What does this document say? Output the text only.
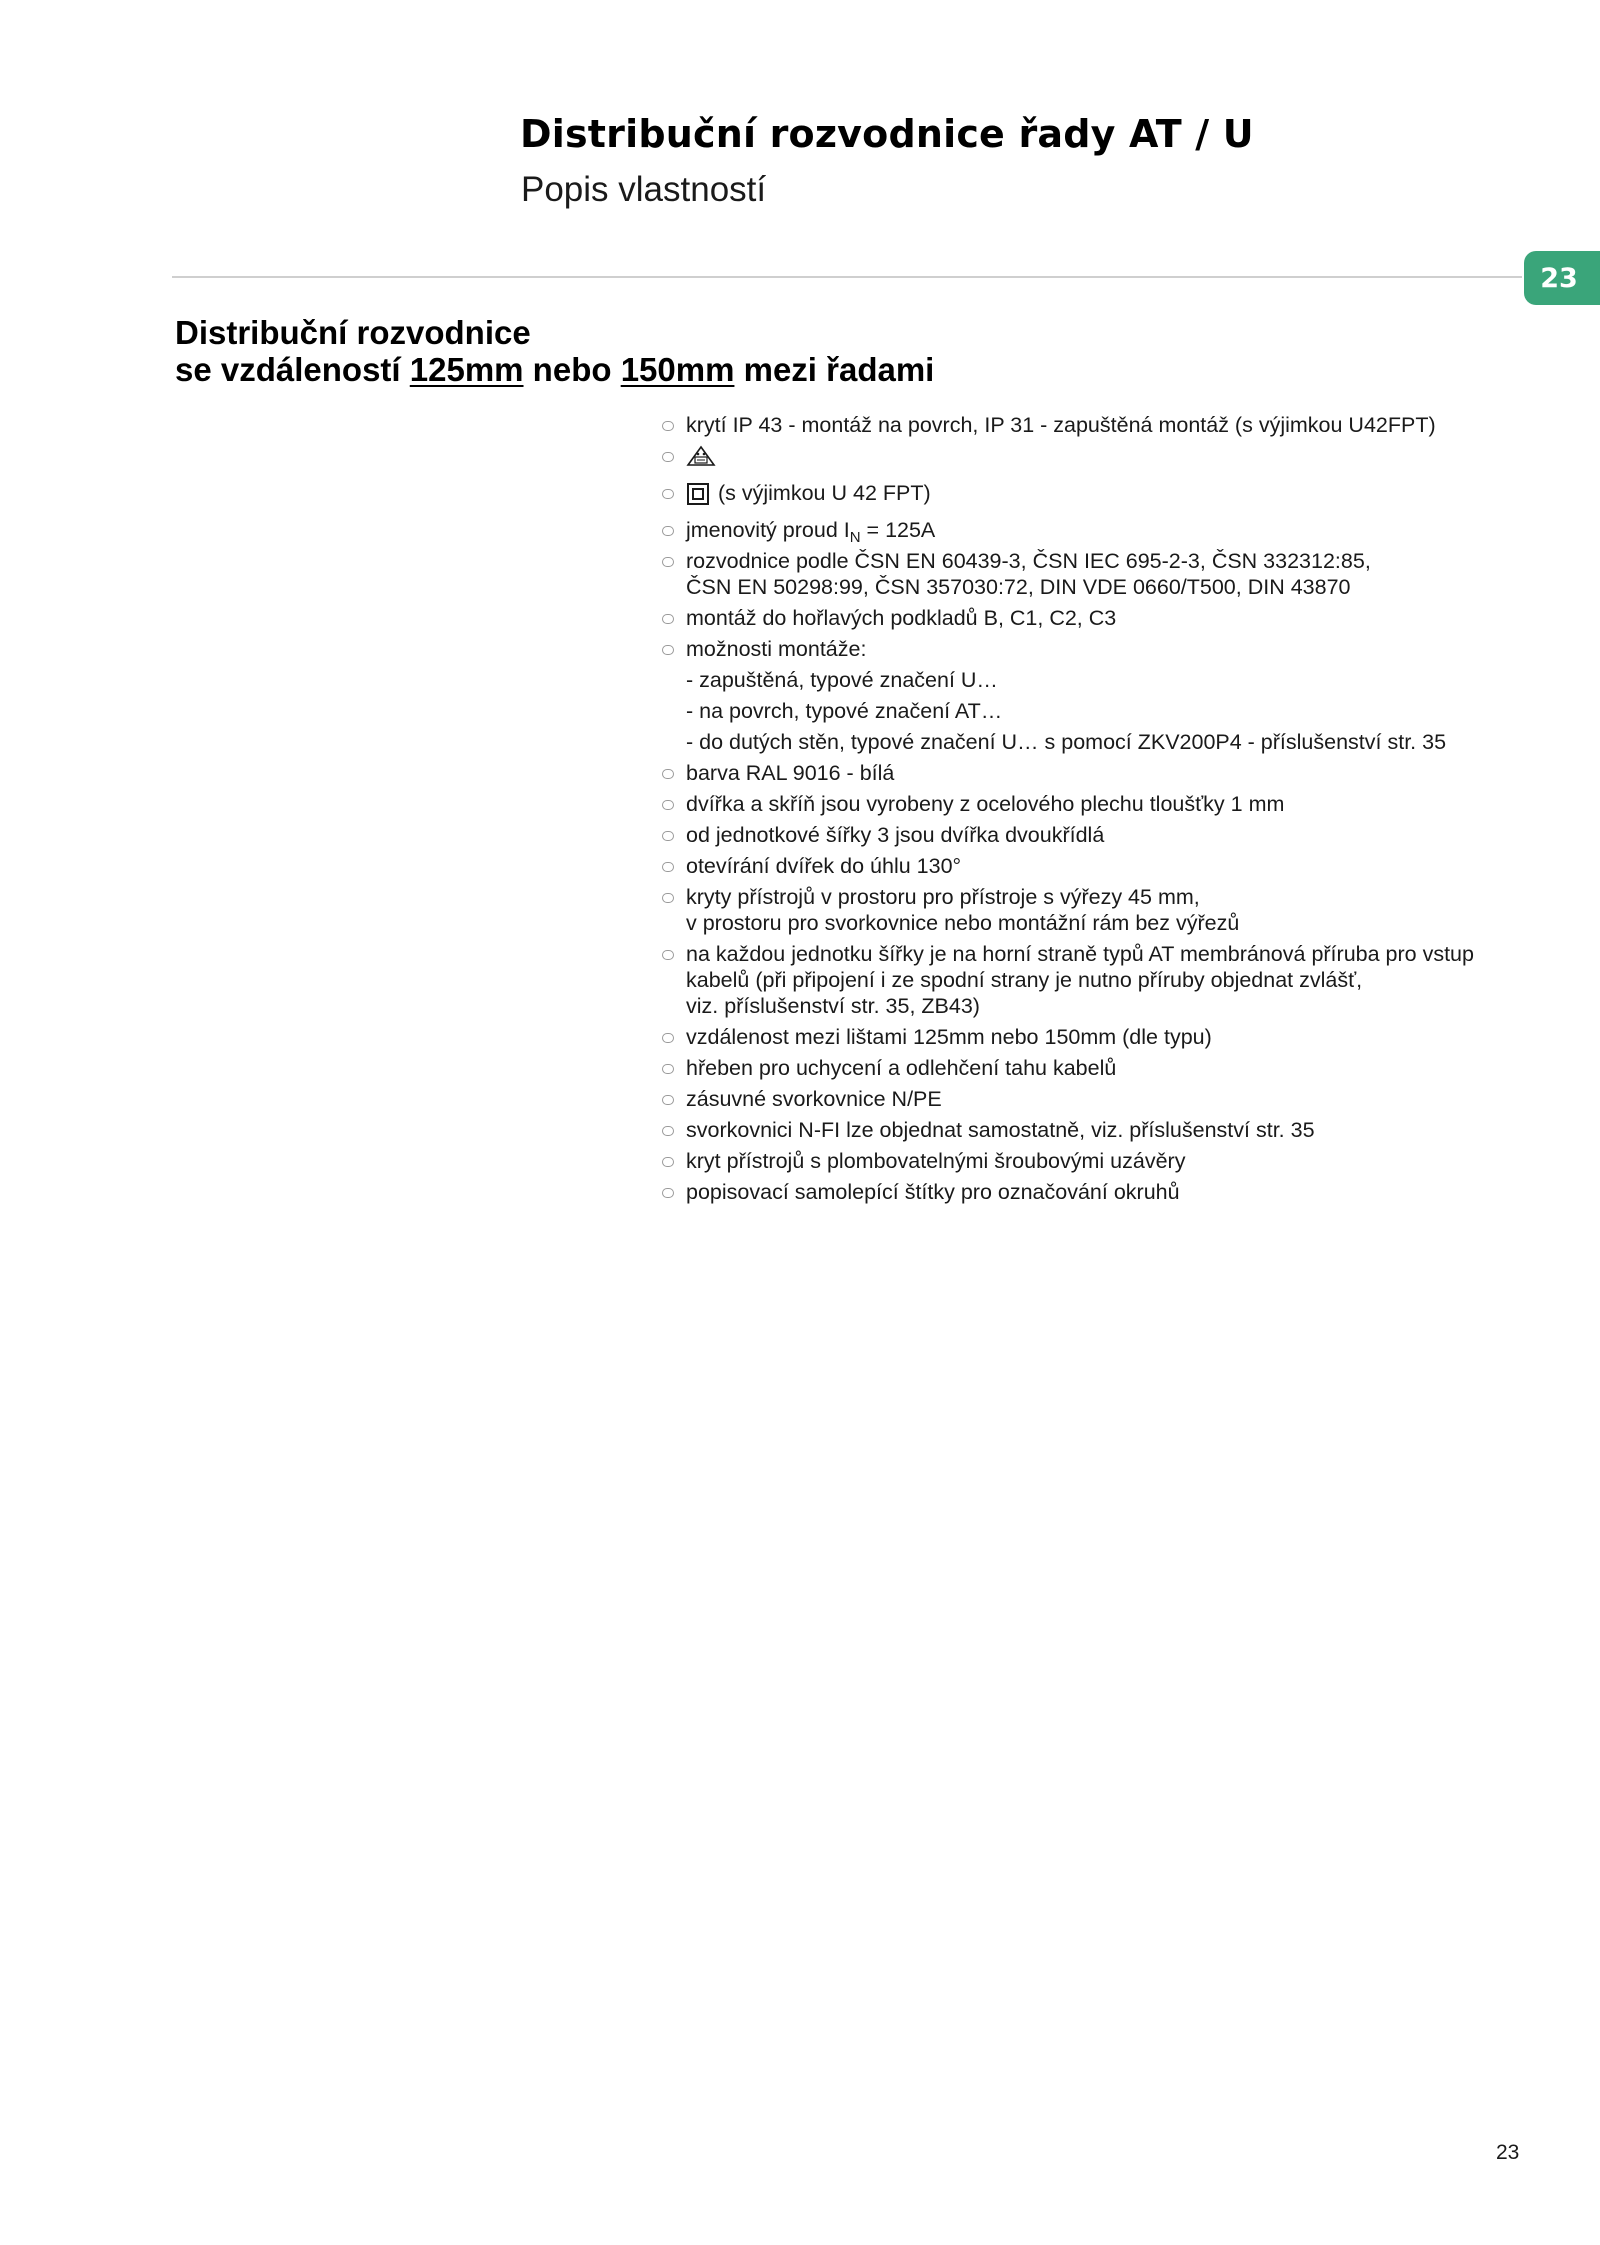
Distribuční rozvodnice řady AT / U
Popis vlastností
23
Distribuční rozvodnice
se vzdáleností 125mm nebo 150mm mezi řadami
krytí IP 43 - montáž na povrch, IP 31 - zapuštěná montáž (s výjimkou U42FPT)
(s výjimkou U 42 FPT)
jmenovitý proud $I_N = 125A$
rozvodnice podle ČSN EN 60439-3, ČSN IEC 695-2-3, ČSN 332312:85,
ČSN EN 50298:99, ČSN 357030:72, DIN VDE 0660/T500, DIN 43870
montáž do hořlavých podkladů B, C1, C2, C3
možnosti montáže:
- zapuštěná, typové značení U…
- na povrch, typové značení AT…
- do dutých stěn, typové značení U… s pomocí ZKV200P4 - příslušenství str. 35
barva RAL 9016 - bílá
dvířka a skříň jsou vyrobeny z ocelového plechu tloušťky 1 mm
od jednotkové šířky 3 jsou dvířka dvoukřídlá
otevírání dvířek do úhlu 130°
kryty přístrojů v prostoru pro přístroje s výřezy 45 mm,
v prostoru pro svorkovnice nebo montážní rám bez výřezů
na každou jednotku šířky je na horní straně typů AT membránová příruba pro vstup
kabelů (při připojení i ze spodní strany je nutno příruby objednat zvlášť,
viz. příslušenství str. 35, ZB43)
vzdálenost mezi lištami 125mm nebo 150mm (dle typu)
hřeben pro uchycení a odlehčení tahu kabelů
zásuvné svorkovnice N/PE
svorkovnici N-FI lze objednat samostatně, viz. příslušenství str. 35
kryt přístrojů s plombovatelnými šroubovými uzávěry
popisovací samolepící štítky pro označování okruhů

23
